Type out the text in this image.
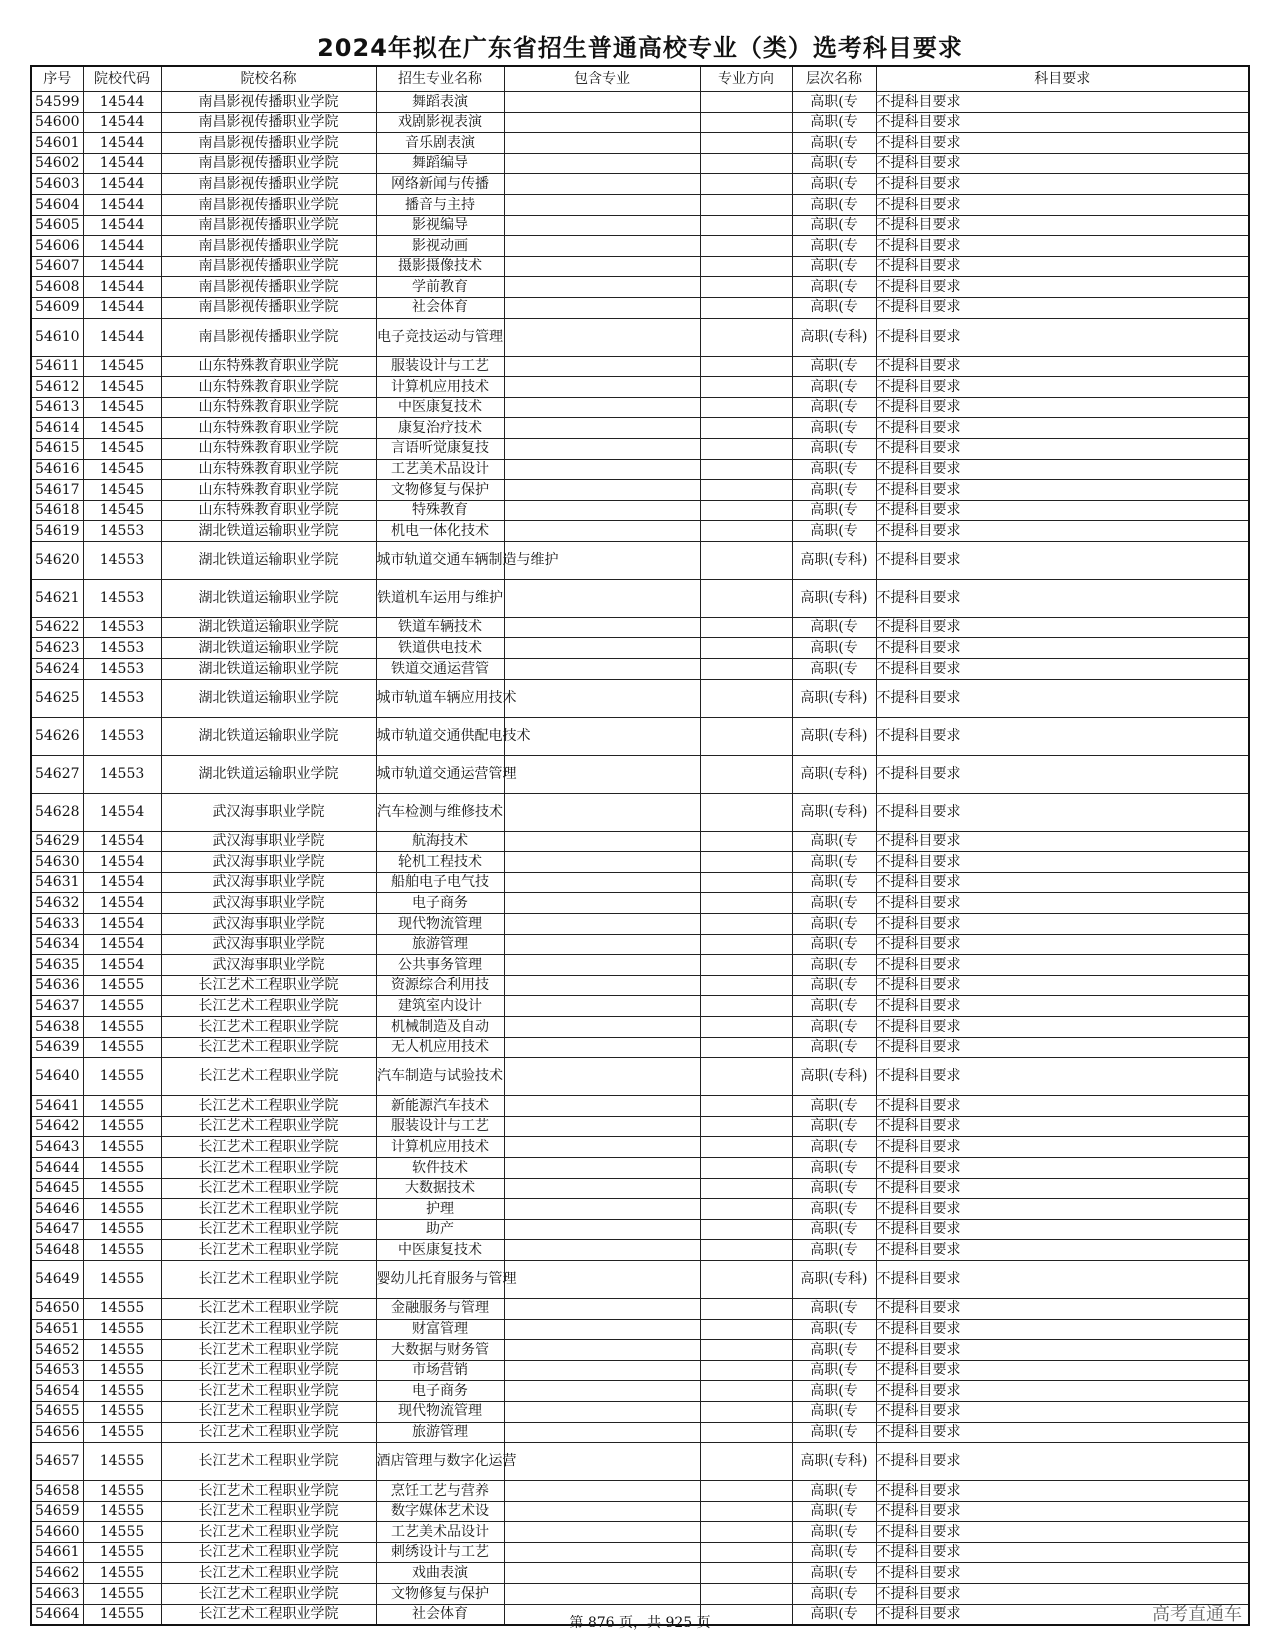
2024年拟在广东省招生普通高校专业（类）选考科目要求
序号	院校代码	院校名称	招生专业名称	包含专业	专业方向	层次名称	科目要求
54599	14544	南昌影视传播职业学院	舞蹈表演			高职(专	不提科目要求
54600	14544	南昌影视传播职业学院	戏剧影视表演			高职(专	不提科目要求
54601	14544	南昌影视传播职业学院	音乐剧表演			高职(专	不提科目要求
54602	14544	南昌影视传播职业学院	舞蹈编导			高职(专	不提科目要求
54603	14544	南昌影视传播职业学院	网络新闻与传播			高职(专	不提科目要求
54604	14544	南昌影视传播职业学院	播音与主持			高职(专	不提科目要求
54605	14544	南昌影视传播职业学院	影视编导			高职(专	不提科目要求
54606	14544	南昌影视传播职业学院	影视动画			高职(专	不提科目要求
54607	14544	南昌影视传播职业学院	摄影摄像技术			高职(专	不提科目要求
54608	14544	南昌影视传播职业学院	学前教育			高职(专	不提科目要求
54609	14544	南昌影视传播职业学院	社会体育			高职(专	不提科目要求
54610	14544	南昌影视传播职业学院	电子竞技运动与管理			高职(专科)	不提科目要求
54611	14545	山东特殊教育职业学院	服装设计与工艺			高职(专	不提科目要求
54612	14545	山东特殊教育职业学院	计算机应用技术			高职(专	不提科目要求
54613	14545	山东特殊教育职业学院	中医康复技术			高职(专	不提科目要求
54614	14545	山东特殊教育职业学院	康复治疗技术			高职(专	不提科目要求
54615	14545	山东特殊教育职业学院	言语听觉康复技			高职(专	不提科目要求
54616	14545	山东特殊教育职业学院	工艺美术品设计			高职(专	不提科目要求
54617	14545	山东特殊教育职业学院	文物修复与保护			高职(专	不提科目要求
54618	14545	山东特殊教育职业学院	特殊教育			高职(专	不提科目要求
54619	14553	湖北铁道运输职业学院	机电一体化技术			高职(专	不提科目要求
54620	14553	湖北铁道运输职业学院	城市轨道交通车辆制造与维护			高职(专科)	不提科目要求
54621	14553	湖北铁道运输职业学院	铁道机车运用与维护			高职(专科)	不提科目要求
54622	14553	湖北铁道运输职业学院	铁道车辆技术			高职(专	不提科目要求
54623	14553	湖北铁道运输职业学院	铁道供电技术			高职(专	不提科目要求
54624	14553	湖北铁道运输职业学院	铁道交通运营管			高职(专	不提科目要求
54625	14553	湖北铁道运输职业学院	城市轨道车辆应用技术			高职(专科)	不提科目要求
54626	14553	湖北铁道运输职业学院	城市轨道交通供配电技术			高职(专科)	不提科目要求
54627	14553	湖北铁道运输职业学院	城市轨道交通运营管理			高职(专科)	不提科目要求
54628	14554	武汉海事职业学院	汽车检测与维修技术			高职(专科)	不提科目要求
54629	14554	武汉海事职业学院	航海技术			高职(专	不提科目要求
54630	14554	武汉海事职业学院	轮机工程技术			高职(专	不提科目要求
54631	14554	武汉海事职业学院	船舶电子电气技			高职(专	不提科目要求
54632	14554	武汉海事职业学院	电子商务			高职(专	不提科目要求
54633	14554	武汉海事职业学院	现代物流管理			高职(专	不提科目要求
54634	14554	武汉海事职业学院	旅游管理			高职(专	不提科目要求
54635	14554	武汉海事职业学院	公共事务管理			高职(专	不提科目要求
54636	14555	长江艺术工程职业学院	资源综合利用技			高职(专	不提科目要求
54637	14555	长江艺术工程职业学院	建筑室内设计			高职(专	不提科目要求
54638	14555	长江艺术工程职业学院	机械制造及自动			高职(专	不提科目要求
54639	14555	长江艺术工程职业学院	无人机应用技术			高职(专	不提科目要求
54640	14555	长江艺术工程职业学院	汽车制造与试验技术			高职(专科)	不提科目要求
54641	14555	长江艺术工程职业学院	新能源汽车技术			高职(专	不提科目要求
54642	14555	长江艺术工程职业学院	服装设计与工艺			高职(专	不提科目要求
54643	14555	长江艺术工程职业学院	计算机应用技术			高职(专	不提科目要求
54644	14555	长江艺术工程职业学院	软件技术			高职(专	不提科目要求
54645	14555	长江艺术工程职业学院	大数据技术			高职(专	不提科目要求
54646	14555	长江艺术工程职业学院	护理			高职(专	不提科目要求
54647	14555	长江艺术工程职业学院	助产			高职(专	不提科目要求
54648	14555	长江艺术工程职业学院	中医康复技术			高职(专	不提科目要求
54649	14555	长江艺术工程职业学院	婴幼儿托育服务与管理			高职(专科)	不提科目要求
54650	14555	长江艺术工程职业学院	金融服务与管理			高职(专	不提科目要求
54651	14555	长江艺术工程职业学院	财富管理			高职(专	不提科目要求
54652	14555	长江艺术工程职业学院	大数据与财务管			高职(专	不提科目要求
54653	14555	长江艺术工程职业学院	市场营销			高职(专	不提科目要求
54654	14555	长江艺术工程职业学院	电子商务			高职(专	不提科目要求
54655	14555	长江艺术工程职业学院	现代物流管理			高职(专	不提科目要求
54656	14555	长江艺术工程职业学院	旅游管理			高职(专	不提科目要求
54657	14555	长江艺术工程职业学院	酒店管理与数字化运营			高职(专科)	不提科目要求
54658	14555	长江艺术工程职业学院	烹饪工艺与营养			高职(专	不提科目要求
54659	14555	长江艺术工程职业学院	数字媒体艺术设			高职(专	不提科目要求
54660	14555	长江艺术工程职业学院	工艺美术品设计			高职(专	不提科目要求
54661	14555	长江艺术工程职业学院	刺绣设计与工艺			高职(专	不提科目要求
54662	14555	长江艺术工程职业学院	戏曲表演			高职(专	不提科目要求
54663	14555	长江艺术工程职业学院	文物修复与保护			高职(专	不提科目要求
54664	14555	长江艺术工程职业学院	社会体育			高职(专	不提科目要求
第 876 页，共 925 页	高考直通车
